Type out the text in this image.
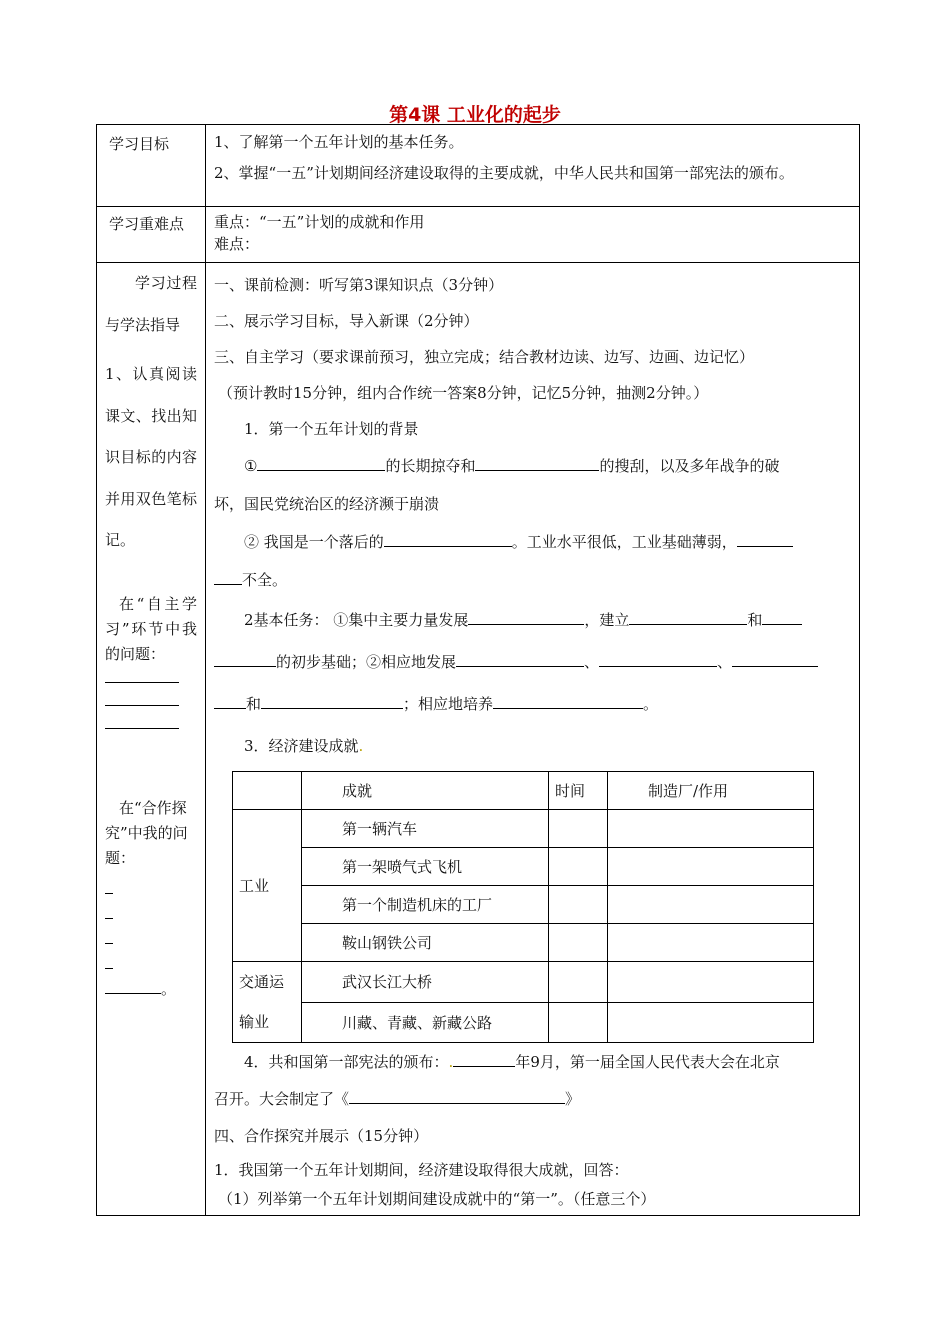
第4课 工业化的起步

学习目标	1、了解第一个五年计划的基本任务。

2、掌握“一五”计划期间经济建设取得的主要成就，中华人民共和国第一部宪法的颁布。

学习重难点	重点：“一五”计划的成就和作用

难点：

学习过程与学法指导

1、认真阅读课文、找出知识目标的内容并用双色笔标记。

在“自主学习”环节中我的问题：

在“合作探究”中我的问题：

。

一、课前检测：听写第3课知识点（3分钟）

二、展示学习目标，导入新课（2分钟）

三、自主学习（要求课前预习，独立完成；结合教材边读、边写、边画、边记忆）

（预计教时15分钟，组内合作统一答案8分钟，记忆5分钟，抽测2分钟。）

1．第一个五年计划的背景

①	的长期掠夺和	的搜刮，以及多年战争的破

坏，国民党统治区的经济濒于崩溃

② 我国是一个落后的	。工业水平很低，工业基础薄弱，

不全。

2基本任务： ①集中主要力量发展	，建立	和

的初步基础；②相应地发展	、	、

和	；相应地培养	。

3．经济建设成就.

	成就	时间	制造厂/作用
工业	第一辆汽车		
第一架喷气式飞机		
第一个制造机床的工厂		
鞍山钢铁公司		
交通运输业	武汉长江大桥		
川藏、青藏、新藏公路		

4．共和国第一部宪法的颁布：.	年9月，第一届全国人民代表大会在北京

召开。大会制定了《	》

四、合作探究并展示（15分钟）

1．我国第一个五年计划期间，经济建设取得很大成就，回答：

（1）列举第一个五年计划期间建设成就中的“第一”。（任意三个）
